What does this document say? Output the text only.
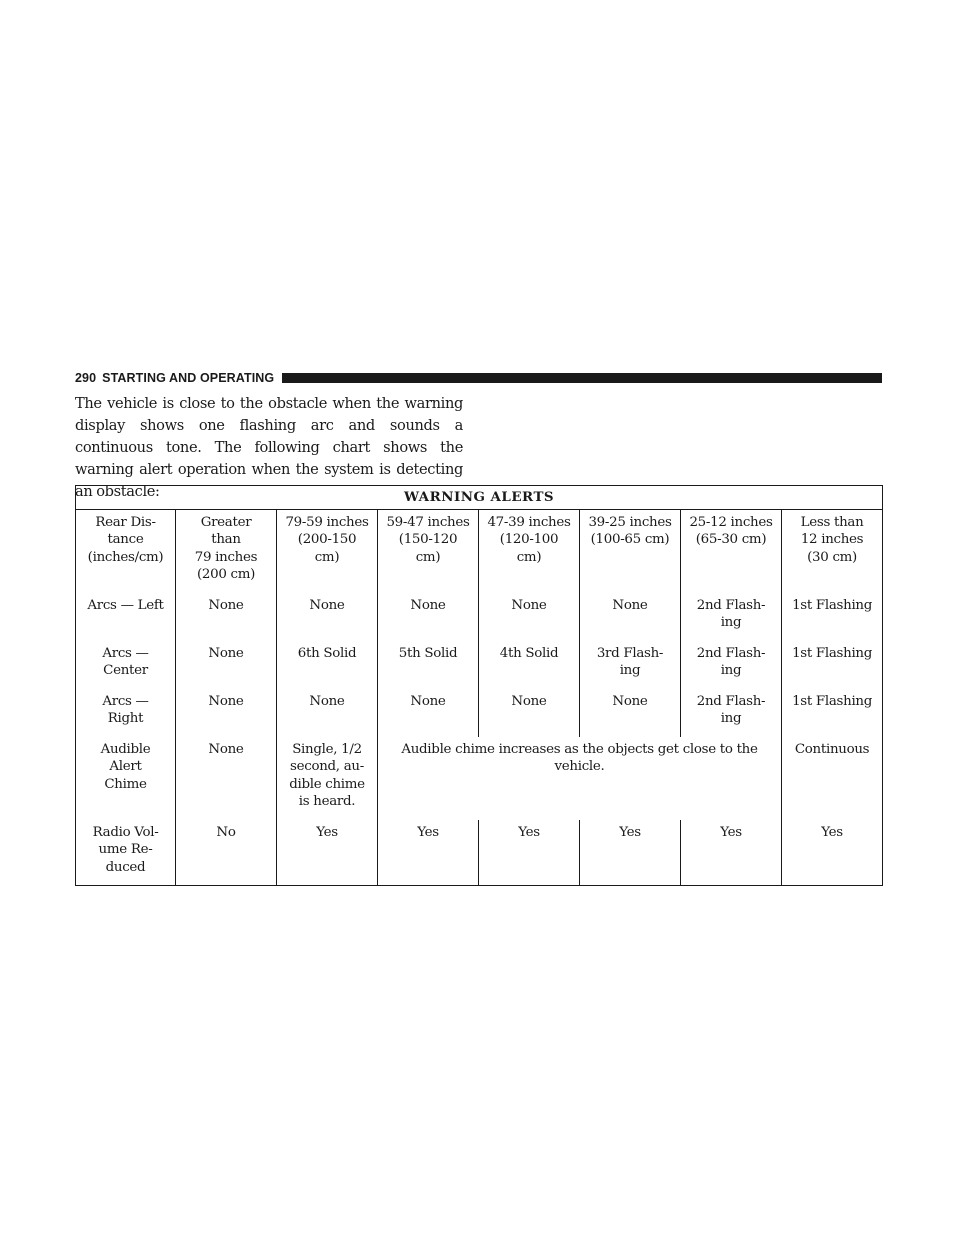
290 STARTING AND OPERATING

The vehicle is close to the obstacle when the warning display shows one flashing arc and sounds a continuous tone. The following chart shows the warning alert operation when the system is detecting an obstacle:	WARNING ALERTS							
Rear Dis-
tance
(inches/cm)	Greater
than
79 inches
(200 cm)	79-59 inches
(200-150
cm)	59-47 inches
(150-120
cm)	47-39 inches
(120-100
cm)	39-25 inches
(100-65 cm)	25-12 inches
(65-30 cm)	Less than
12 inches
(30 cm)
Arcs — Left	None	None	None	None	None	2nd Flash-
ing	1st Flashing
Arcs —
Center	None	6th Solid	5th Solid	4th Solid	3rd Flash-
ing	2nd Flash-
ing	1st Flashing
Arcs —
Right	None	None	None	None	None	2nd Flash-
ing	1st Flashing
Audible
Alert
Chime	None	Single, 1/2
second, au-
dible chime
is heard.	Audible chime increases as the objects get close to the vehicle.				Continuous
Radio Vol-
ume Re-
duced	No	Yes	Yes	Yes	Yes	Yes	Yes
